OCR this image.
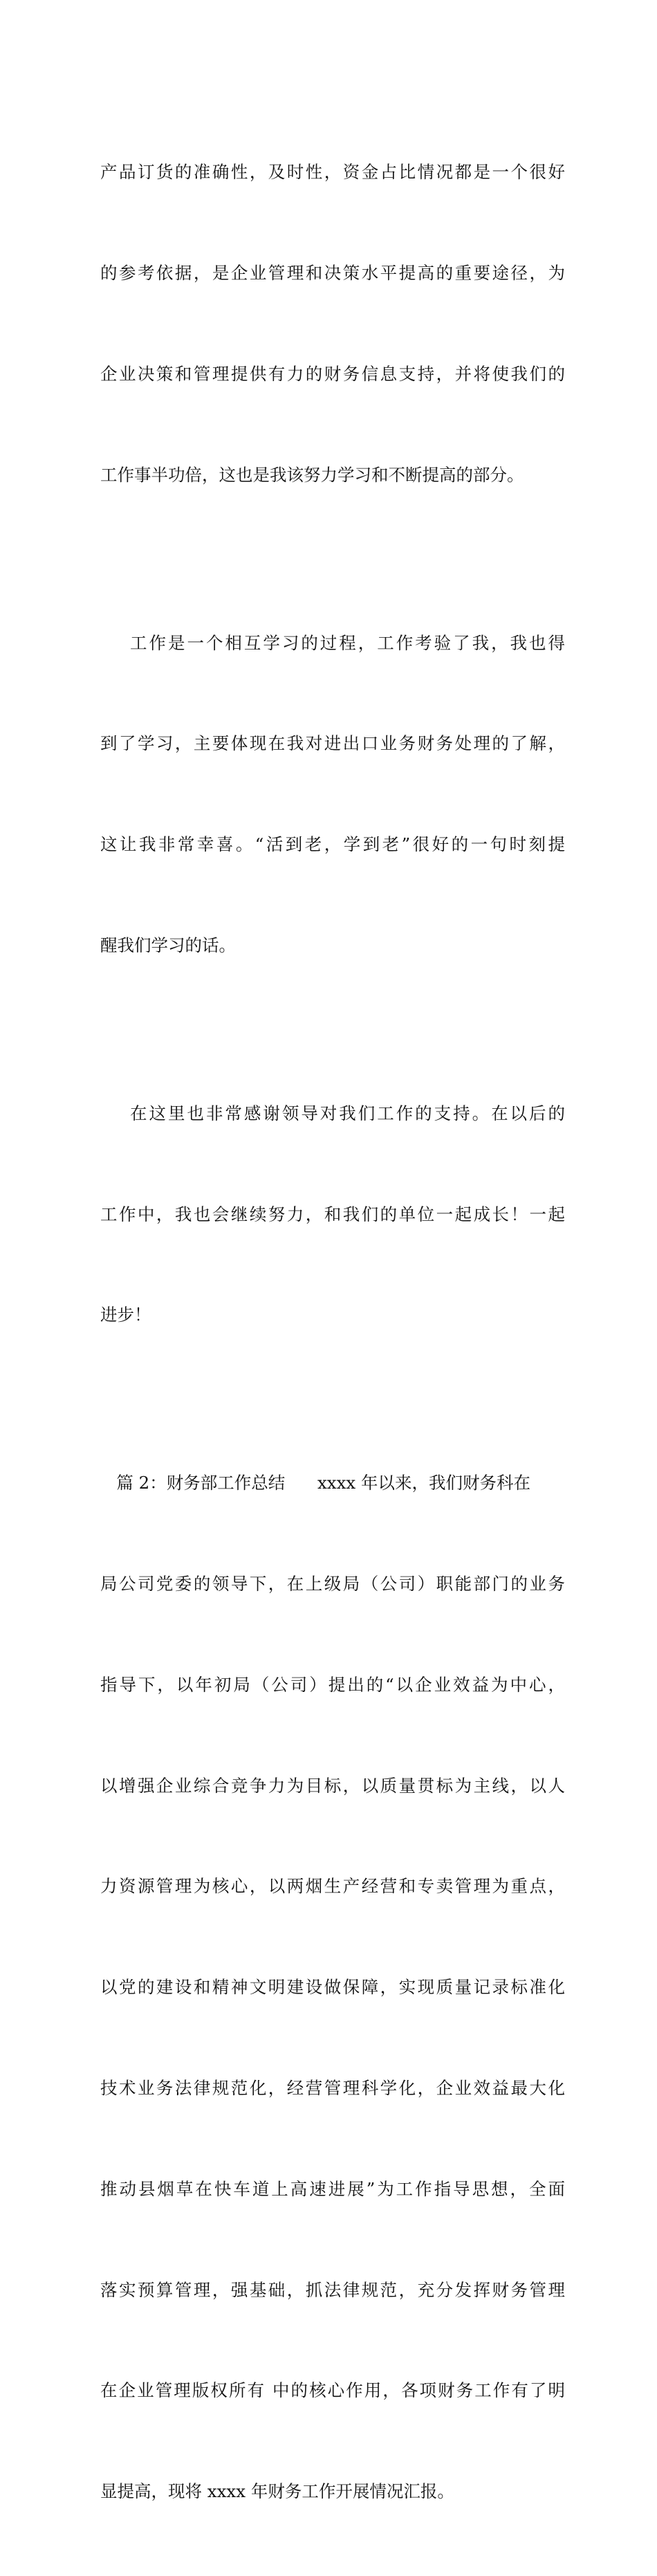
产品订货的准确性，及时性，资金占比情况都是一个很好

的参考依据，是企业管理和决策水平提高的重要途径，为

企业决策和管理提供有力的财务信息支持，并将使我们的

工作事半功倍，这也是我该努力学习和不断提高的部分。

工作是一个相互学习的过程，工作考验了我，我也得

到了学习，主要体现在我对进出口业务财务处理的了解，

这让我非常幸喜。“活到老，学到老”很好的一句时刻提

醒我们学习的话。

在这里也非常感谢领导对我们工作的支持。在以后的

工作中，我也会继续努力，和我们的单位一起成长！一起

进步！

篇 2：财务部工作总结      xxxx 年以来，我们财务科在

局公司党委的领导下，在上级局（公司）职能部门的业务

指导下，以年初局（公司）提出的“以企业效益为中心，

以增强企业综合竞争力为目标，以质量贯标为主线，以人

力资源管理为核心，以两烟生产经营和专卖管理为重点，

以党的建设和精神文明建设做保障，实现质量记录标准化

技术业务法律规范化，经营管理科学化，企业效益最大化

推动县烟草在快车道上高速进展”为工作指导思想，全面

落实预算管理，强基础，抓法律规范，充分发挥财务管理

在企业管理版权所有 中的核心作用，各项财务工作有了明

显提高，现将 xxxx 年财务工作开展情况汇报。
